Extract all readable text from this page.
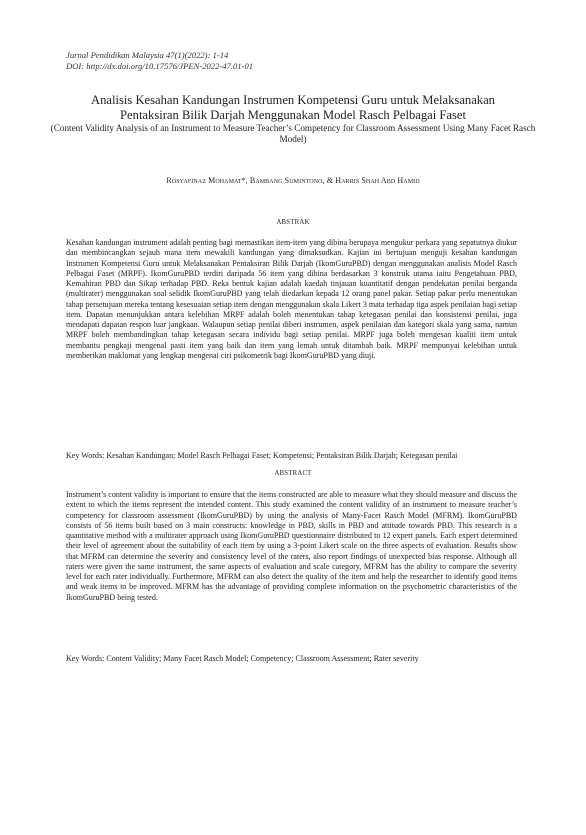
Jurnal Pendidikan Malaysia 47(1)(2022): 1-14
DOI: http://dx.doi.org/10.17576/JPEN-2022-47.01-01

Analisis Kesahan Kandungan Instrumen Kompetensi Guru untuk Melaksanakan

Pentaksiran Bilik Darjah Menggunakan Model Rasch Pelbagai Faset

(Content Validity Analysis of an Instrument to Measure Teacher’s Competency for Classroom Assessment Using Many Facet Rasch Model)

Rosyafinaz Mohamat*, Bambang Sumintono, & Harris Shah Abd Hamid
ABSTRAK
Kesahan kandungan instrument adalah penting bagi memastikan item-item yang dibina berupaya mengukur perkara yang sepatutnya diukur dan membincangkan sejauh mana item mewakili kandungan yang dimaksudkan. Kajian ini bertujuan menguji kesahan kandungan Instrumen Kompetensi Guru untuk Melaksanakan Pentaksiran Bilik Darjah (IkomGuruPBD) dengan menggunakan analisis Model Rasch Pelbagai Faset (MRPF). IkomGuruPBD terdiri daripada 56 item yang dibina berdasarkan 3 konstruk utama iaitu Pengetahuan PBD, Kemahiran PBD dan Sikap terhadap PBD. Reka bentuk kajian adalah kaedah tinjauan kuantitatif dengan pendekatan penilai berganda (multirater) menggunakan soal selidik IkomGuruPBD yang telah diedarkan kepada 12 orang panel pakar. Setiap pakar perlu menentukan tahap persetujuan mereka tentang kesesuaian setiap item dengan menggunakan skala Likert 3 mata terhadap tiga aspek penilaian bagi setiap item. Dapatan menunjukkan antara kelebihan MRPF adalah boleh menentukan tahap ketegasan penilai dan konsistensi penilai, juga mendapati dapatan respon luar jangkaan. Walaupun setiap penilai diberi instrumen, aspek penilaian dan kategori skala yang sama, namun MRPF boleh membandingkan tahap ketegasan secara individu bagi setiap penilai. MRPF juga boleh mengesan kualiti item untuk membantu pengkaji mengenal pasti item yang baik dan item yang lemah untuk ditambah baik. MRPF mempunyai kelebihan untuk memberikan maklumat yang lengkap mengenai ciri psikometrik bagi IkomGuruPBD yang diuji.
Key Words: Kesahan Kandungan; Model Rasch Pelbagai Faset; Kompetensi; Pentaksiran Bilik Darjah; Ketegasan penilai
ABSTRACT
Instrument’s content validity is important to ensure that the items constructed are able to measure what they should measure and discuss the extent to which the items represent the intended content. This study examined the content validity of an instrument to measure teacher’s competency for classroom assessment (IkomGuruPBD) by using the analysis of Many-Facet Rasch Model (MFRM). IkomGuruPBD consists of 56 items built based on 3 main constructs: knowledge in PBD, skills in PBD and attitude towards PBD. This research is a quantitative method with a multirater approach using IkomGuruPBD questionnaire distributed to 12 expert panels. Each expert determined their level of agreement about the suitability of each item by using a 3-point Likert scale on the three aspects of evaluation. Results show that MFRM can determine the severity and consistency level of the raters, also report findings of unexpected bias response. Although all raters were given the same instrument, the same aspects of evaluation and scale category, MFRM has the ability to compare the severity level for each rater individually. Furthermore, MFRM can also detect the quality of the item and help the researcher to identify good items and weak items to be improved. MFRM has the advantage of providing complete information on the psychometric characteristics of the IkomGuruPBD being tested.
Key Words: Content Validity; Many Facet Rasch Model; Competency; Classroom Assessment; Rater severity
